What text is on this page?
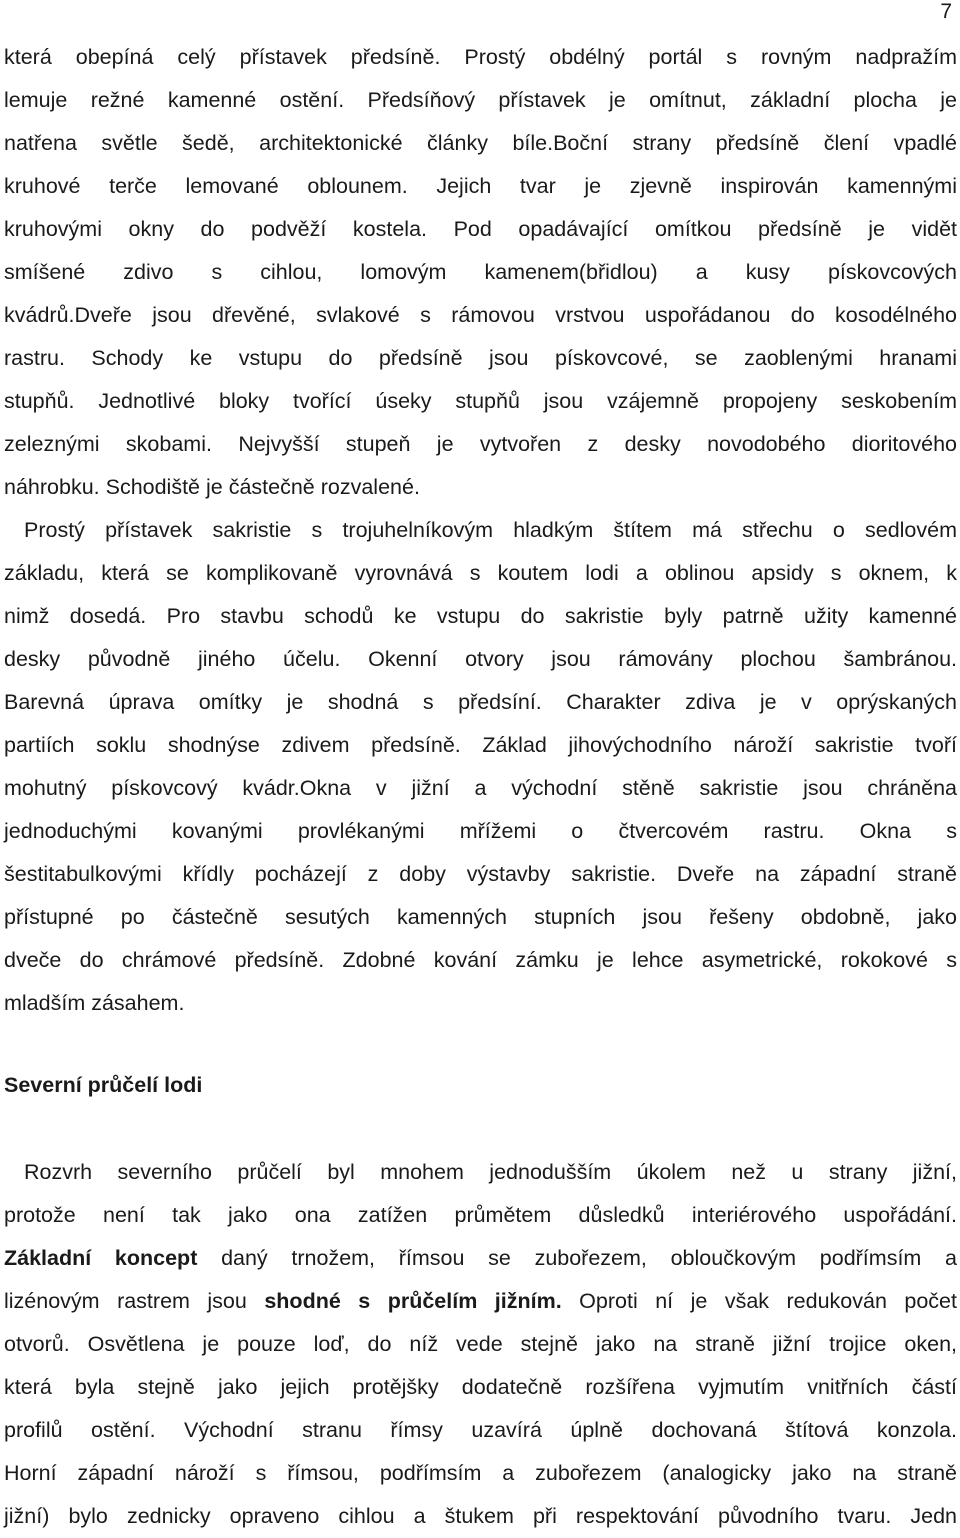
7
která obepíná celý přístavek předsíně. Prostý obdélný portál s rovným nadpražím
lemuje režné kamenné ostění. Předsíňový přístavek je omítnut, základní plocha je
natřena světle šedě, architektonické články bíle.Boční strany předsíně člení vpadlé
kruhové terče lemované oblounem. Jejich tvar je zjevně inspirován kamennými
kruhovými okny do podvěží kostela. Pod opadávající omítkou předsíně je vidět
smíšené zdivo s cihlou, lomovým kamenem(břidlou) a kusy pískovcových
kvádrů.Dveře jsou dřevěné, svlakové s rámovou vrstvou uspořádanou do kosodélného
rastru. Schody ke vstupu do předsíně jsou pískovcové, se zaoblenými hranami
stupňů. Jednotlivé bloky tvořící úseky stupňů jsou vzájemně propojeny seskobením
zeleznými skobami. Nejvyšší stupeň je vytvořen z desky novodobého dioritového
náhrobku. Schodiště je částečně rozvalené.
Prostý přístavek sakristie s trojuhelníkovým hladkým štítem má střechu o sedlovém
základu, která se komplikovaně vyrovnává s koutem lodi a oblinou apsidy s oknem, k
nimž dosedá. Pro stavbu schodů ke vstupu do sakristie byly patrně užity kamenné
desky původně jiného účelu. Okenní otvory jsou rámovány plochou šambránou.
Barevná úprava omítky je shodná s předsíní. Charakter zdiva je v oprýskaných
partiích soklu shodnýse zdivem předsíně. Základ jihovýchodního nároží sakristie tvoří
mohutný pískovcový kvádr.Okna v jižní a východní stěně sakristie jsou chráněna
jednoduchými kovanými provlékanými mřížemi o čtvercovém rastru. Okna s
šestitabulkovými křídly pocházejí z doby výstavby sakristie. Dveře na západní straně
přístupné po částečně sesutých kamenných stupních jsou řešeny obdobně, jako
dveče do chrámové předsíně. Zdobné kování zámku je lehce asymetrické, rokokové s
mladším zásahem.
Severní průčelí lodi
Rozvrh severního průčelí byl mnohem jednodušším úkolem než u strany jižní,
protože není tak jako ona zatížen průmětem důsledků interiérového uspořádání.
Základní koncept daný trnožem, římsou se zubořezem, obloučkovým podřímsím a
lizénovým rastrem jsou shodné s průčelím jižním. Oproti ní je však redukován počet
otvorů. Osvětlena je pouze loď, do níž vede stejně jako na straně jižní trojice oken,
která byla stejně jako jejich protějšky dodatečně rozšířena vyjmutím vnitřních částí
profilů ostění. Východní stranu římsy uzavírá úplně dochovaná štítová konzola.
Horní západní nároží s římsou, podřímsím a zubořezem (analogicky jako na straně
jižní) bylo zednicky opraveno cihlou a štukem při respektování původního tvaru. Jedn
